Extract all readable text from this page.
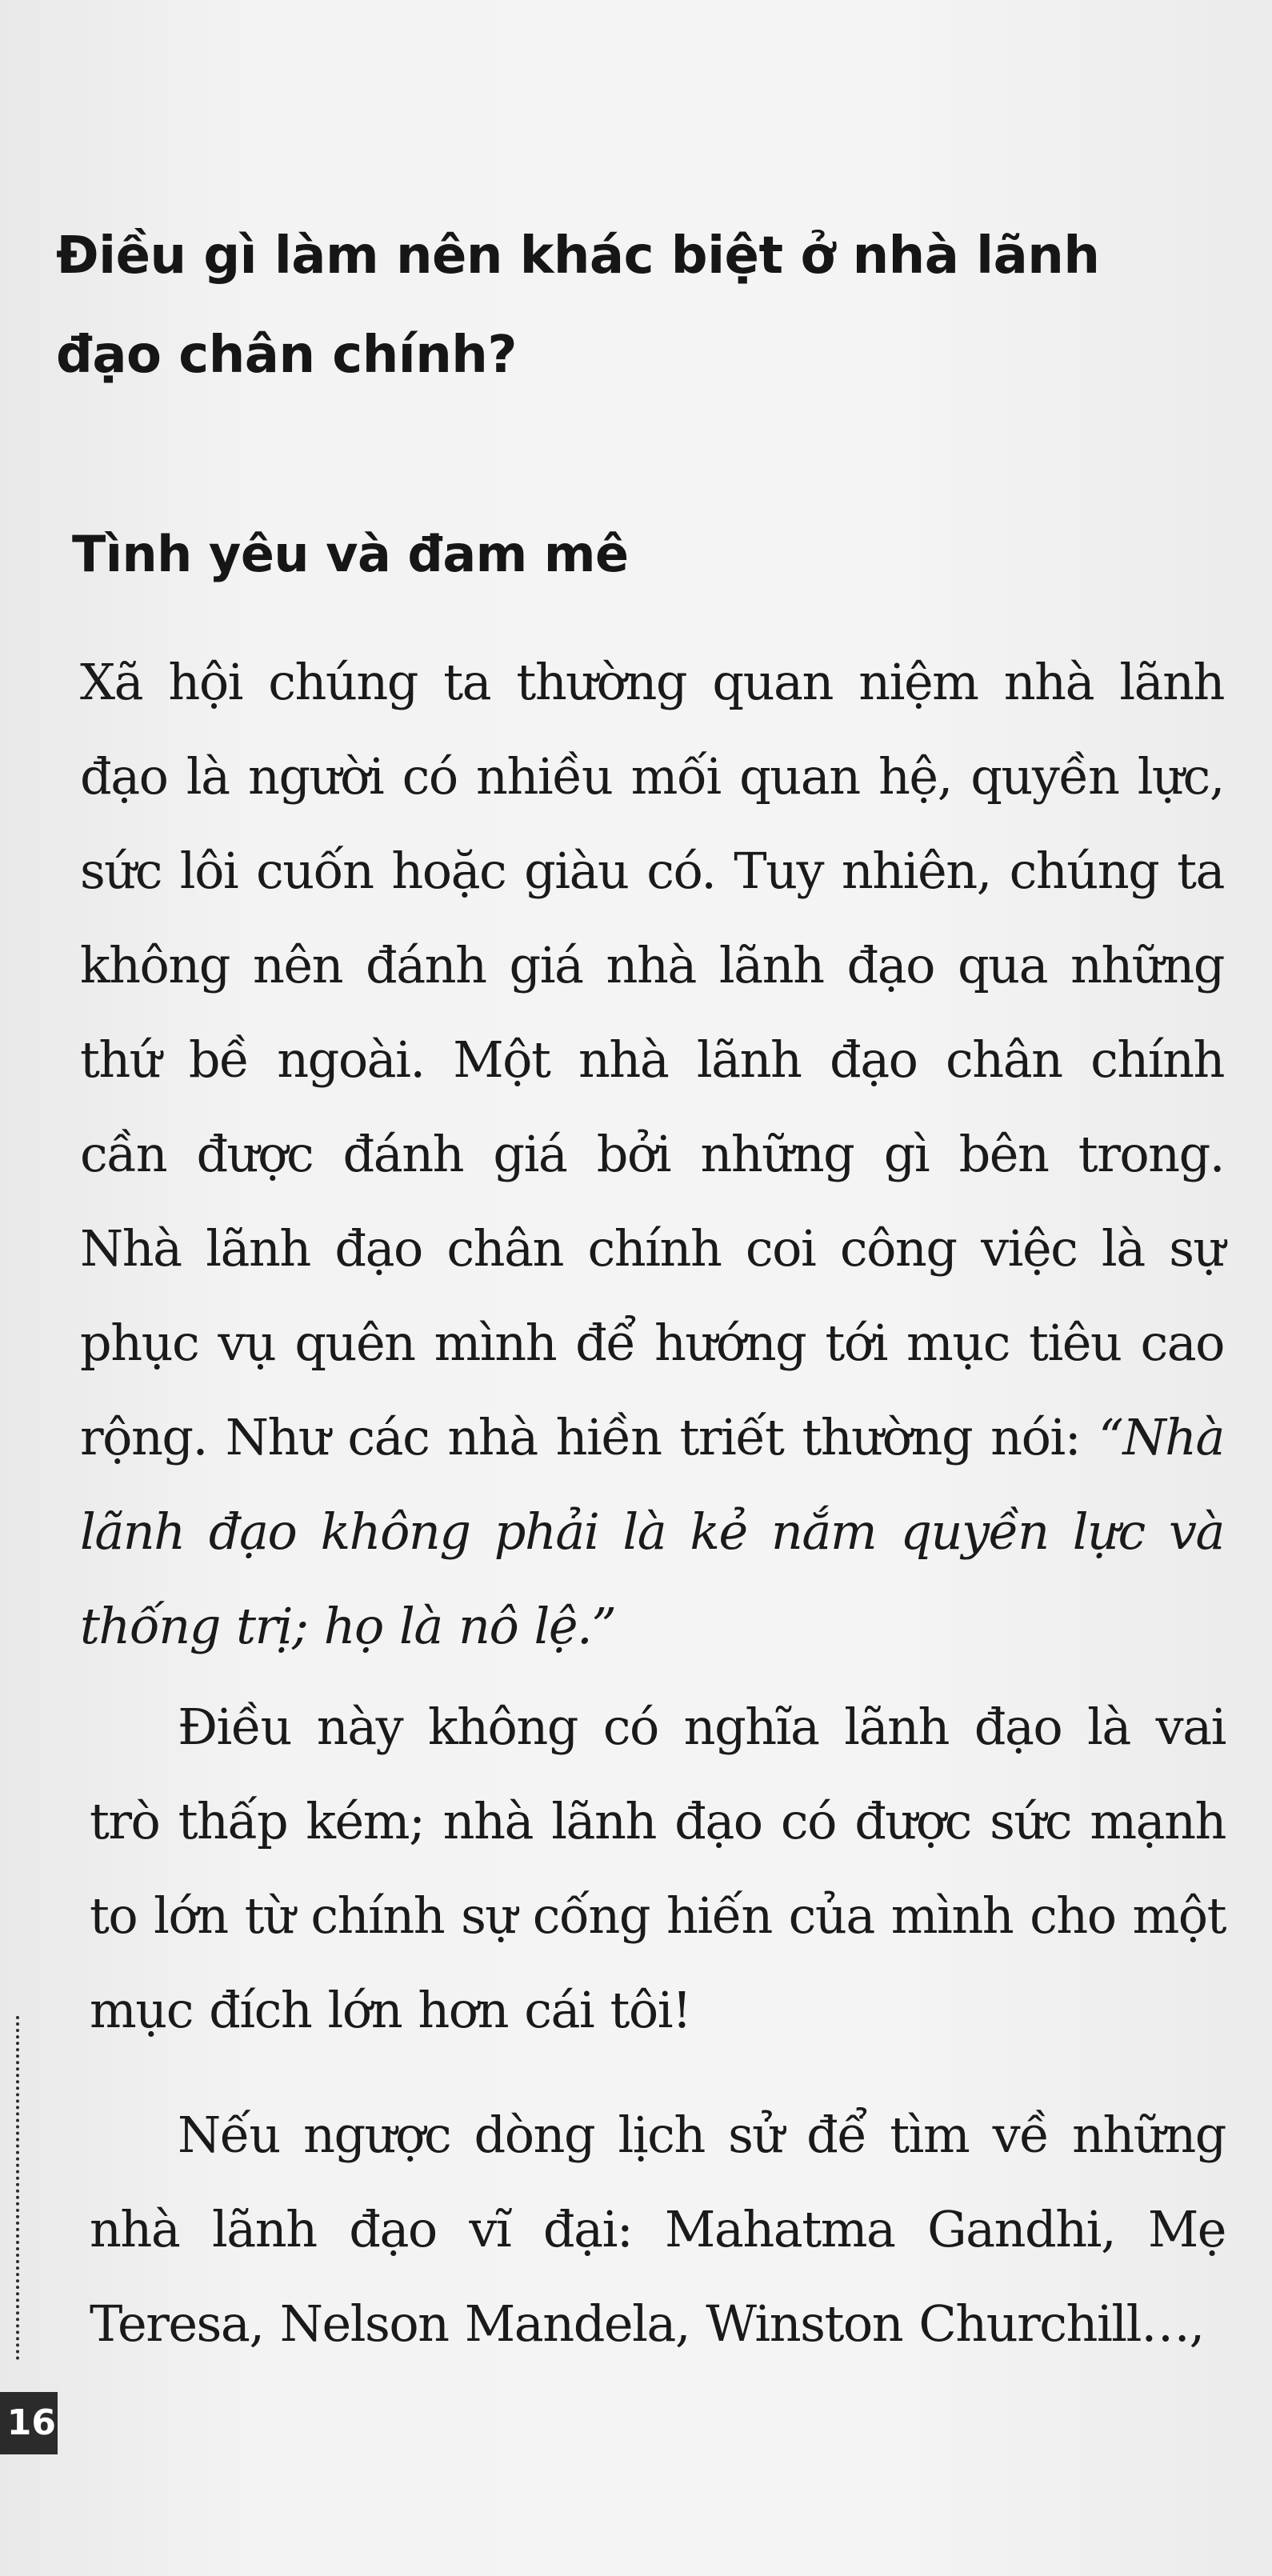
Điều gì làm nên khác biệt ở nhà lãnh đạo chân chính?
Tình yêu và đam mê

Xã hội chúng ta thường quan niệm nhà lãnh đạo là người có nhiều mối quan hệ, quyền lực, sức lôi cuốn hoặc giàu có. Tuy nhiên, chúng ta không nên đánh giá nhà lãnh đạo qua những thứ bề ngoài. Một nhà lãnh đạo chân chính cần được đánh giá bởi những gì bên trong. Nhà lãnh đạo chân chính coi công việc là sự phục vụ quên mình để hướng tới mục tiêu cao rộng. Như các nhà hiền triết thường nói: “Nhà lãnh đạo không phải là kẻ nắm quyền lực và thống trị; họ là nô lệ.”

Điều này không có nghĩa lãnh đạo là vai trò thấp kém; nhà lãnh đạo có được sức mạnh to lớn từ chính sự cống hiến của mình cho một mục đích lớn hơn cái tôi!

Nếu ngược dòng lịch sử để tìm về những nhà lãnh đạo vĩ đại: Mahatma Gandhi, Mẹ Teresa, Nelson Mandela, Winston Churchill…,

16
